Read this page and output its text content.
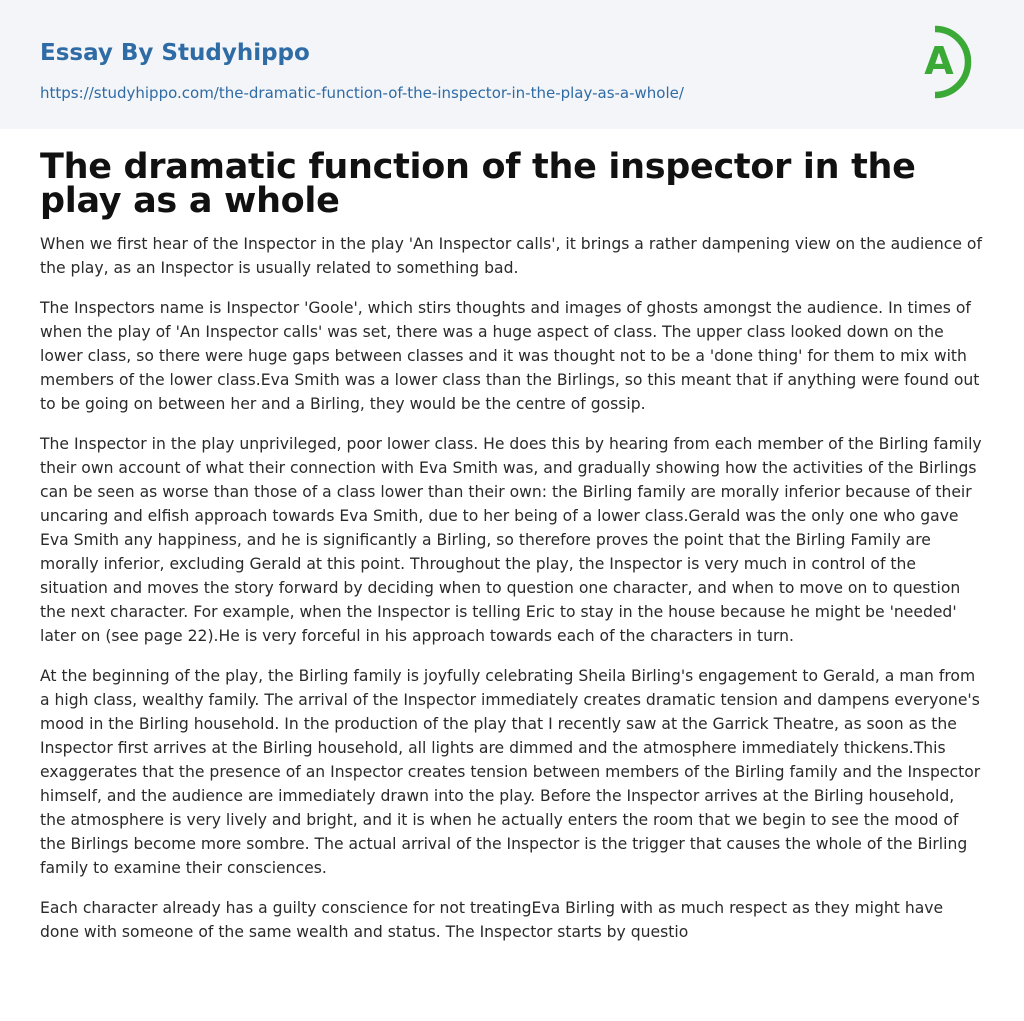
Essay By Studyhippo
https://studyhippo.com/the-dramatic-function-of-the-inspector-in-the-play-as-a-whole/
A
The dramatic function of the inspector in the play as a whole

When we first hear of the Inspector in the play 'An Inspector calls', it brings a rather dampening view on the audience of the play, as an Inspector is usually related to something bad.

The Inspectors name is Inspector 'Goole', which stirs thoughts and images of ghosts amongst the audience. In times of when the play of 'An Inspector calls' was set, there was a huge aspect of class. The upper class looked down on the lower class, so there were huge gaps between classes and it was thought not to be a 'done thing' for them to mix with members of the lower class.Eva Smith was a lower class than the Birlings, so this meant that if anything were found out to be going on between her and a Birling, they would be the centre of gossip.

The Inspector in the play unprivileged, poor lower class. He does this by hearing from each member of the Birling family their own account of what their connection with Eva Smith was, and gradually showing how the activities of the Birlings can be seen as worse than those of a class lower than their own: the Birling family are morally inferior because of their uncaring and elfish approach towards Eva Smith, due to her being of a lower class.Gerald was the only one who gave Eva Smith any happiness, and he is significantly a Birling, so therefore proves the point that the Birling Family are morally inferior, excluding Gerald at this point. Throughout the play, the Inspector is very much in control of the situation and moves the story forward by deciding when to question one character, and when to move on to question the next character. For example, when the Inspector is telling Eric to stay in the house because he might be 'needed' later on (see page 22).He is very forceful in his approach towards each of the characters in turn.

At the beginning of the play, the Birling family is joyfully celebrating Sheila Birling's engagement to Gerald, a man from a high class, wealthy family. The arrival of the Inspector immediately creates dramatic tension and dampens everyone's mood in the Birling household. In the production of the play that I recently saw at the Garrick Theatre, as soon as the Inspector first arrives at the Birling household, all lights are dimmed and the atmosphere immediately thickens.This exaggerates that the presence of an Inspector creates tension between members of the Birling family and the Inspector himself, and the audience are immediately drawn into the play. Before the Inspector arrives at the Birling household, the atmosphere is very lively and bright, and it is when he actually enters the room that we begin to see the mood of the Birlings become more sombre. The actual arrival of the Inspector is the trigger that causes the whole of the Birling family to examine their consciences.

Each character already has a guilty conscience for not treatingEva Birling with as much respect as they might have done with someone of the same wealth and status. The Inspector starts by questio
